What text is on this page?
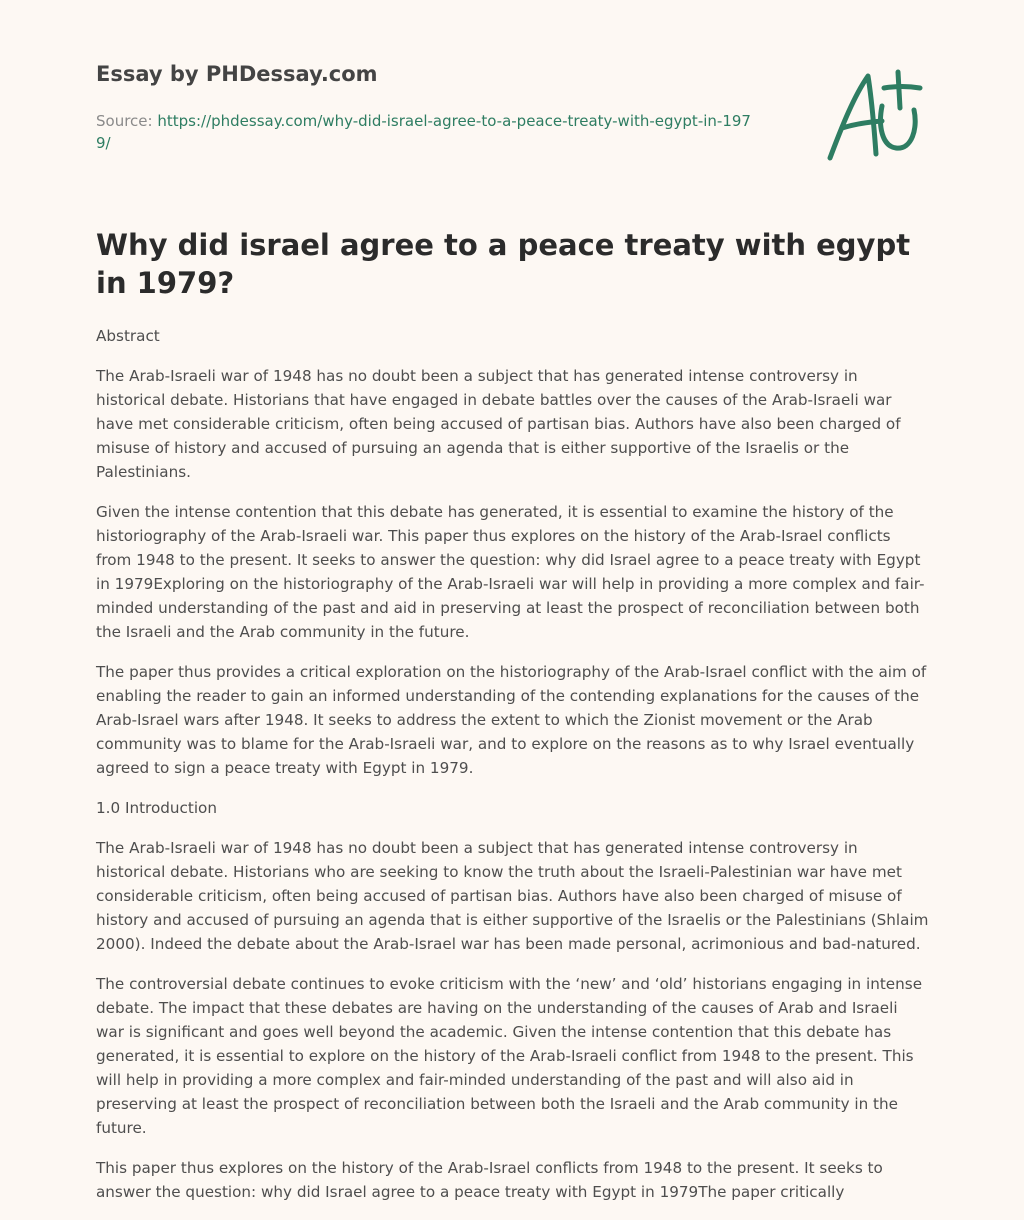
Essay by PHDessay.com
Source: https://phdessay.com/why-did-israel-agree-to-a-peace-treaty-with-egypt-in-1979/
Why did israel agree to a peace treaty with egypt in 1979?

Abstract

The Arab-Israeli war of 1948 has no doubt been a subject that has generated intense controversy in historical debate. Historians that have engaged in debate battles over the causes of the Arab-Israeli war have met considerable criticism, often being accused of partisan bias. Authors have also been charged of misuse of history and accused of pursuing an agenda that is either supportive of the Israelis or the Palestinians.

Given the intense contention that this debate has generated, it is essential to examine the history of the historiography of the Arab-Israeli war. This paper thus explores on the history of the Arab-Israel conflicts from 1948 to the present. It seeks to answer the question: why did Israel agree to a peace treaty with Egypt in 1979Exploring on the historiography of the Arab-Israeli war will help in providing a more complex and fair-minded understanding of the past and aid in preserving at least the prospect of reconciliation between both the Israeli and the Arab community in the future.

The paper thus provides a critical exploration on the historiography of the Arab-Israel conflict with the aim of enabling the reader to gain an informed understanding of the contending explanations for the causes of the Arab-Israel wars after 1948. It seeks to address the extent to which the Zionist movement or the Arab community was to blame for the Arab-Israeli war, and to explore on the reasons as to why Israel eventually agreed to sign a peace treaty with Egypt in 1979.

1.0 Introduction

The Arab-Israeli war of 1948 has no doubt been a subject that has generated intense controversy in historical debate. Historians who are seeking to know the truth about the Israeli-Palestinian war have met considerable criticism, often being accused of partisan bias. Authors have also been charged of misuse of history and accused of pursuing an agenda that is either supportive of the Israelis or the Palestinians (Shlaim 2000). Indeed the debate about the Arab-Israel war has been made personal, acrimonious and bad-natured.

The controversial debate continues to evoke criticism with the ‘new’ and ‘old’ historians engaging in intense debate. The impact that these debates are having on the understanding of the causes of Arab and Israeli war is significant and goes well beyond the academic. Given the intense contention that this debate has generated, it is essential to explore on the history of the Arab-Israeli conflict from 1948 to the present. This will help in providing a more complex and fair-minded understanding of the past and will also aid in preserving at least the prospect of reconciliation between both the Israeli and the Arab community in the future.

This paper thus explores on the history of the Arab-Israel conflicts from 1948 to the present. It seeks to answer the question: why did Israel agree to a peace treaty with Egypt in 1979The paper critically
